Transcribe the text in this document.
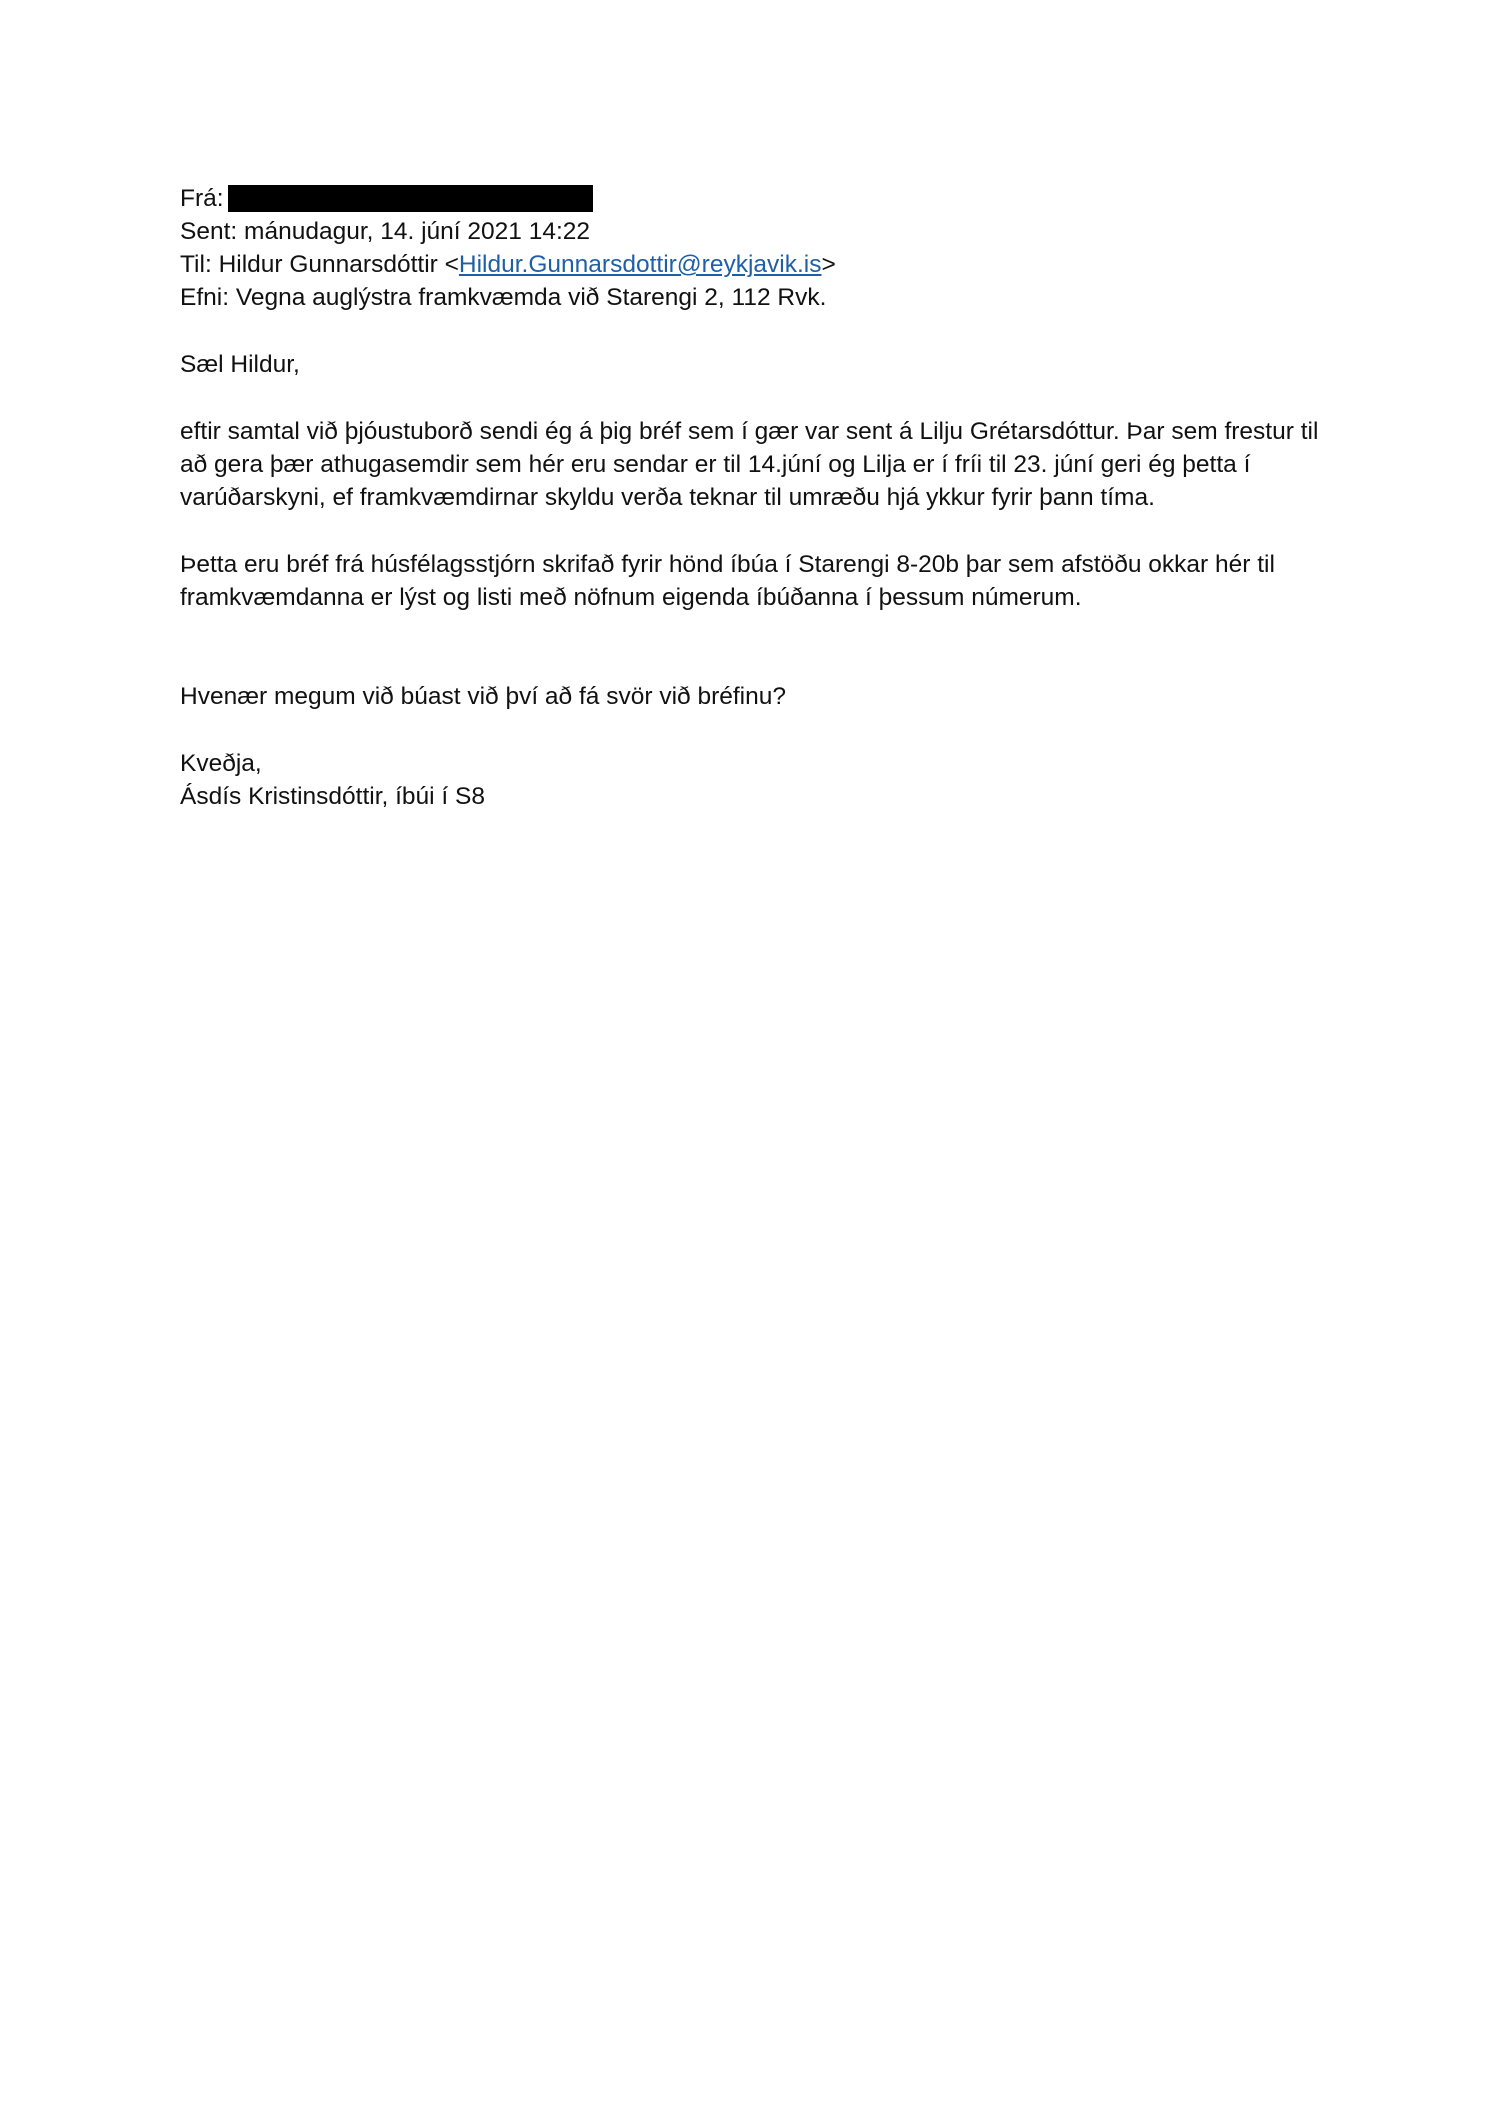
Frá:
Sent: mánudagur, 14. júní 2021 14:22
Til: Hildur Gunnarsdóttir <Hildur.Gunnarsdottir@reykjavik.is>
Efni: Vegna auglýstra framkvæmda við Starengi 2, 112 Rvk.

Sæl Hildur,

eftir samtal við þjóustuborð sendi ég á þig bréf sem í gær var sent á Lilju Grétarsdóttur. Þar sem frestur til að gera þær athugasemdir sem hér eru sendar er til 14.júní og Lilja er í fríi til 23. júní geri ég þetta í varúðarskyni, ef framkvæmdirnar skyldu verða teknar til umræðu hjá ykkur fyrir þann tíma.

Þetta eru bréf frá húsfélagsstjórn skrifað fyrir hönd íbúa í Starengi 8-20b þar sem afstöðu okkar hér til framkvæmdanna er lýst og listi með nöfnum eigenda íbúðanna í þessum númerum.

Hvenær megum við búast við því að fá svör við bréfinu?

Kveðja,

Ásdís Kristinsdóttir, íbúi í S8
